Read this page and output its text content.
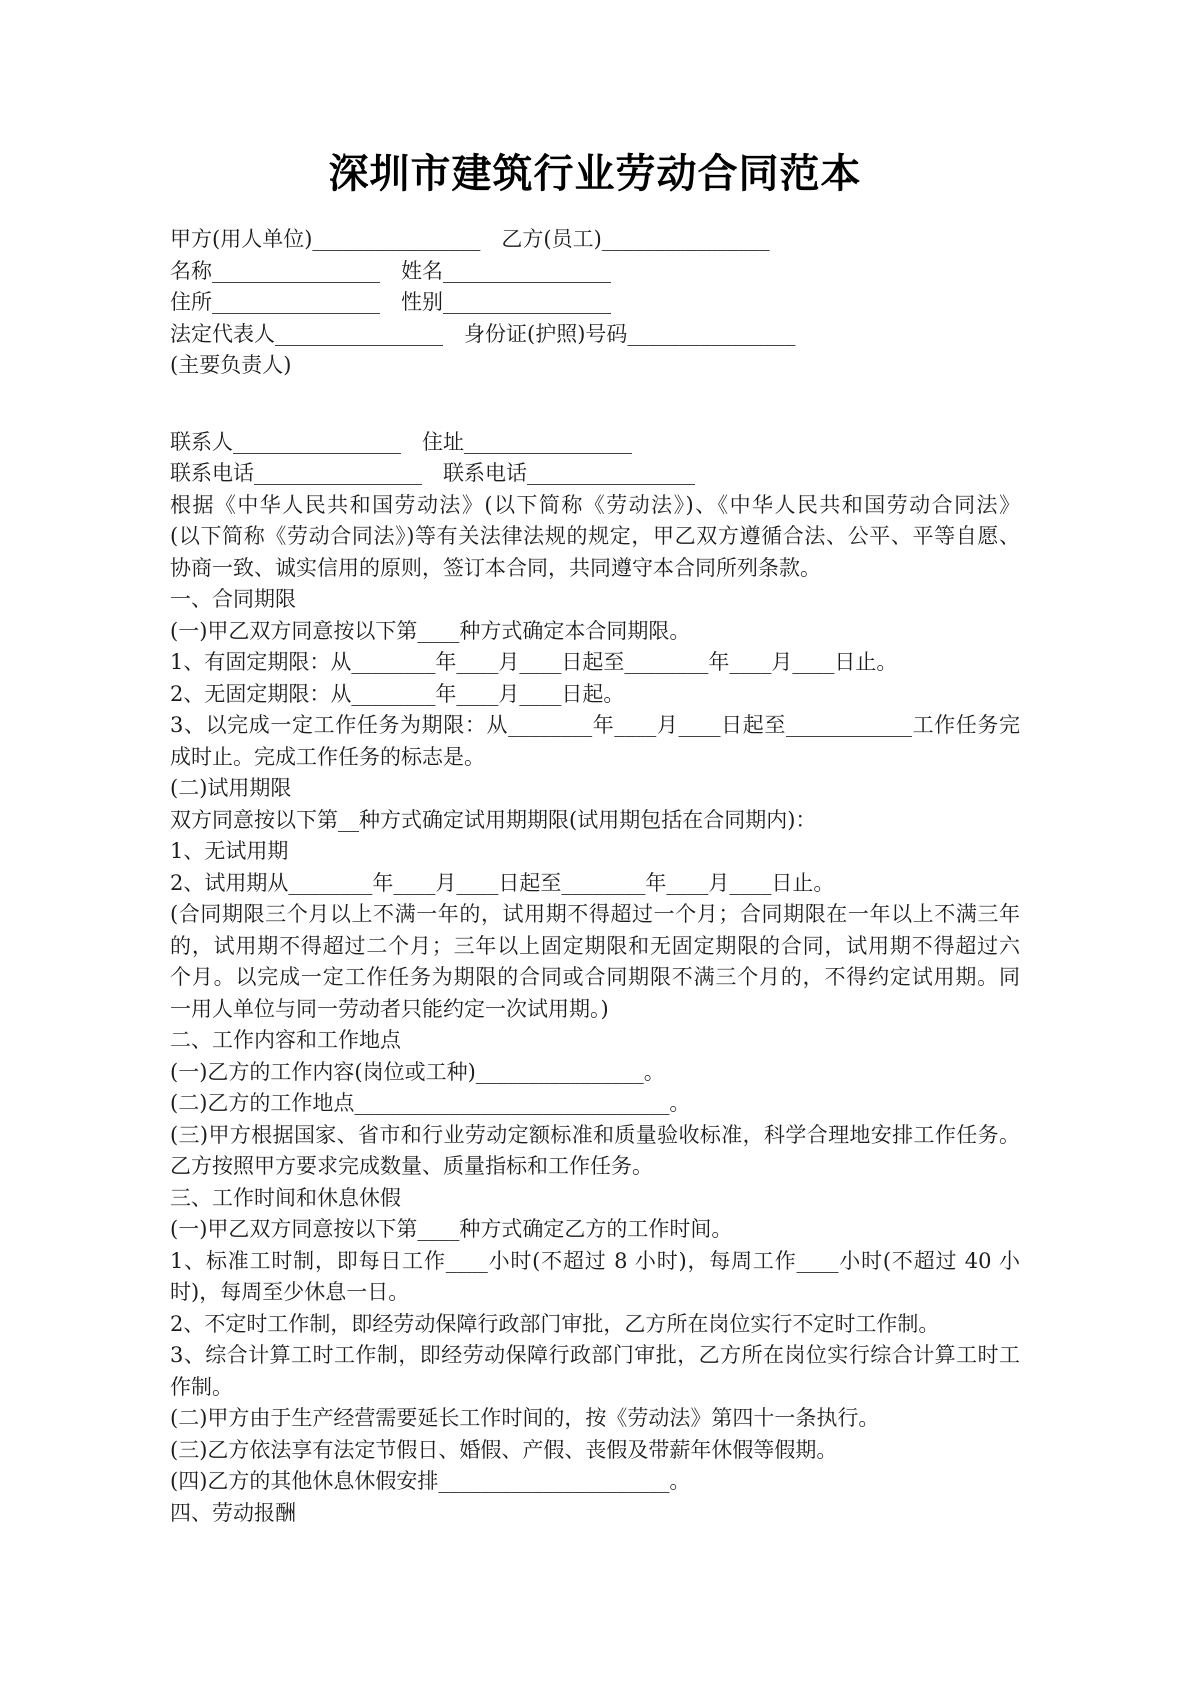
深圳市建筑行业劳动合同范本
甲方(用人单位)________________　乙方(员工)________________
名称________________　姓名________________
住所________________　性别________________
法定代表人________________　身份证(护照)号码________________
(主要负责人)
联系人________________　住址________________
联系电话________________　联系电话________________
根据《中华人民共和国劳动法》(以下简称《劳动法》)、《中华人民共和国劳动合同法》
(以下简称《劳动合同法》)等有关法律法规的规定，甲乙双方遵循合法、公平、平等自愿、
协商一致、诚实信用的原则，签订本合同，共同遵守本合同所列条款。
一、合同期限
(一)甲乙双方同意按以下第____种方式确定本合同期限。
1、有固定期限：从________年____月____日起至________年____月____日止。
2、无固定期限：从________年____月____日起。
3、以完成一定工作任务为期限：从________年____月____日起至____________工作任务完
成时止。完成工作任务的标志是。
(二)试用期限
双方同意按以下第__种方式确定试用期期限(试用期包括在合同期内)：
1、无试用期
2、试用期从________年____月____日起至________年____月____日止。
(合同期限三个月以上不满一年的，试用期不得超过一个月；合同期限在一年以上不满三年
的，试用期不得超过二个月；三年以上固定期限和无固定期限的合同，试用期不得超过六
个月。以完成一定工作任务为期限的合同或合同期限不满三个月的，不得约定试用期。同
一用人单位与同一劳动者只能约定一次试用期。)
二、工作内容和工作地点
(一)乙方的工作内容(岗位或工种)________________。
(二)乙方的工作地点______________________________。
(三)甲方根据国家、省市和行业劳动定额标准和质量验收标准，科学合理地安排工作任务。
乙方按照甲方要求完成数量、质量指标和工作任务。
三、工作时间和休息休假
(一)甲乙双方同意按以下第____种方式确定乙方的工作时间。
1、标准工时制，即每日工作____小时(不超过 8 小时)，每周工作____小时(不超过 40 小
时)，每周至少休息一日。
2、不定时工作制，即经劳动保障行政部门审批，乙方所在岗位实行不定时工作制。
3、综合计算工时工作制，即经劳动保障行政部门审批，乙方所在岗位实行综合计算工时工
作制。
(二)甲方由于生产经营需要延长工作时间的，按《劳动法》第四十一条执行。
(三)乙方依法享有法定节假日、婚假、产假、丧假及带薪年休假等假期。
(四)乙方的其他休息休假安排______________________。
四、劳动报酬
